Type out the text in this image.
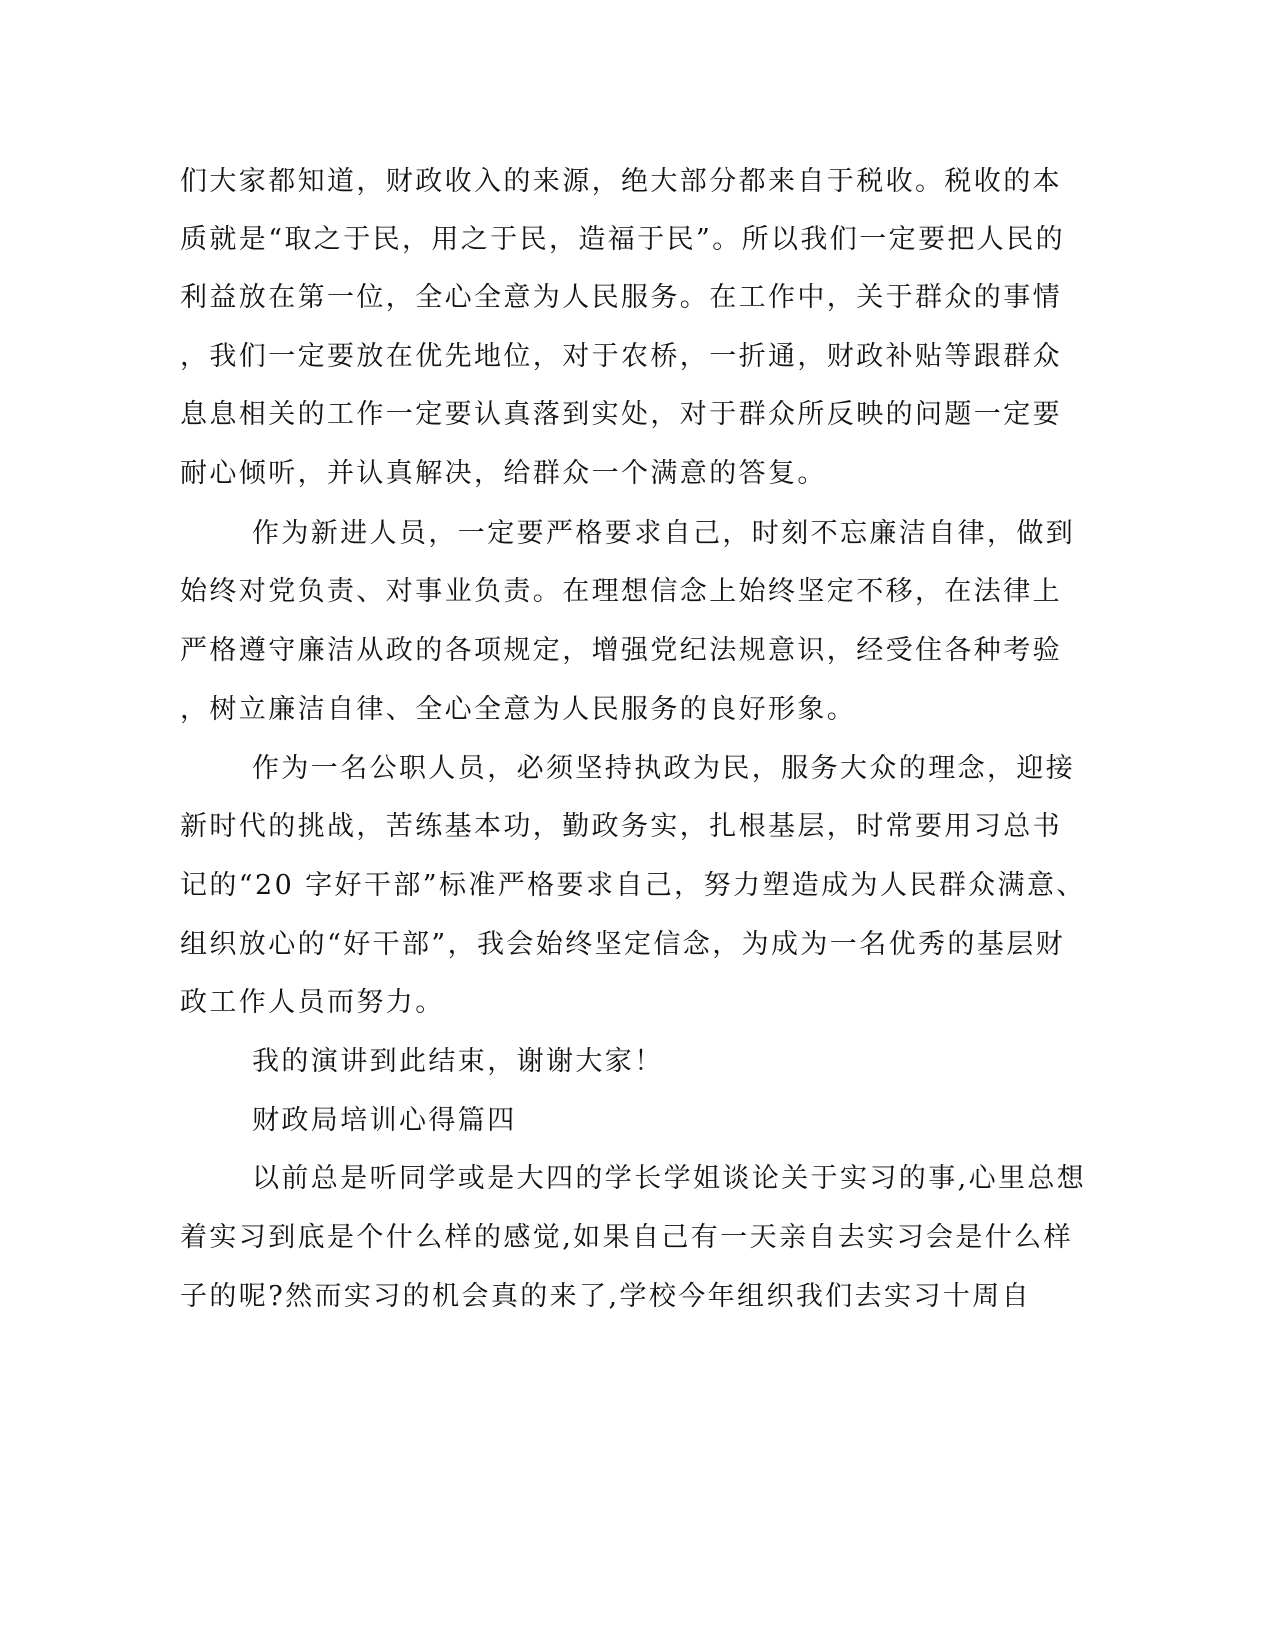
们大家都知道，财政收入的来源，绝大部分都来自于税收。税收的本
质就是“取之于民，用之于民，造福于民”。所以我们一定要把人民的
利益放在第一位，全心全意为人民服务。在工作中，关于群众的事情
，我们一定要放在优先地位，对于农桥，一折通，财政补贴等跟群众
息息相关的工作一定要认真落到实处，对于群众所反映的问题一定要
耐心倾听，并认真解决，给群众一个满意的答复。
作为新进人员，一定要严格要求自己，时刻不忘廉洁自律，做到
始终对党负责、对事业负责。在理想信念上始终坚定不移，在法律上
严格遵守廉洁从政的各项规定，增强党纪法规意识，经受住各种考验
，树立廉洁自律、全心全意为人民服务的良好形象。
作为一名公职人员，必须坚持执政为民，服务大众的理念，迎接
新时代的挑战，苦练基本功，勤政务实，扎根基层，时常要用习总书
记的“20 字好干部”标准严格要求自己，努力塑造成为人民群众满意、
组织放心的“好干部”，我会始终坚定信念，为成为一名优秀的基层财
政工作人员而努力。
我的演讲到此结束，谢谢大家！
财政局培训心得篇四
以前总是听同学或是大四的学长学姐谈论关于实习的事,心里总想
着实习到底是个什么样的感觉,如果自己有一天亲自去实习会是什么样
子的呢?然而实习的机会真的来了,学校今年组织我们去实习十周自
